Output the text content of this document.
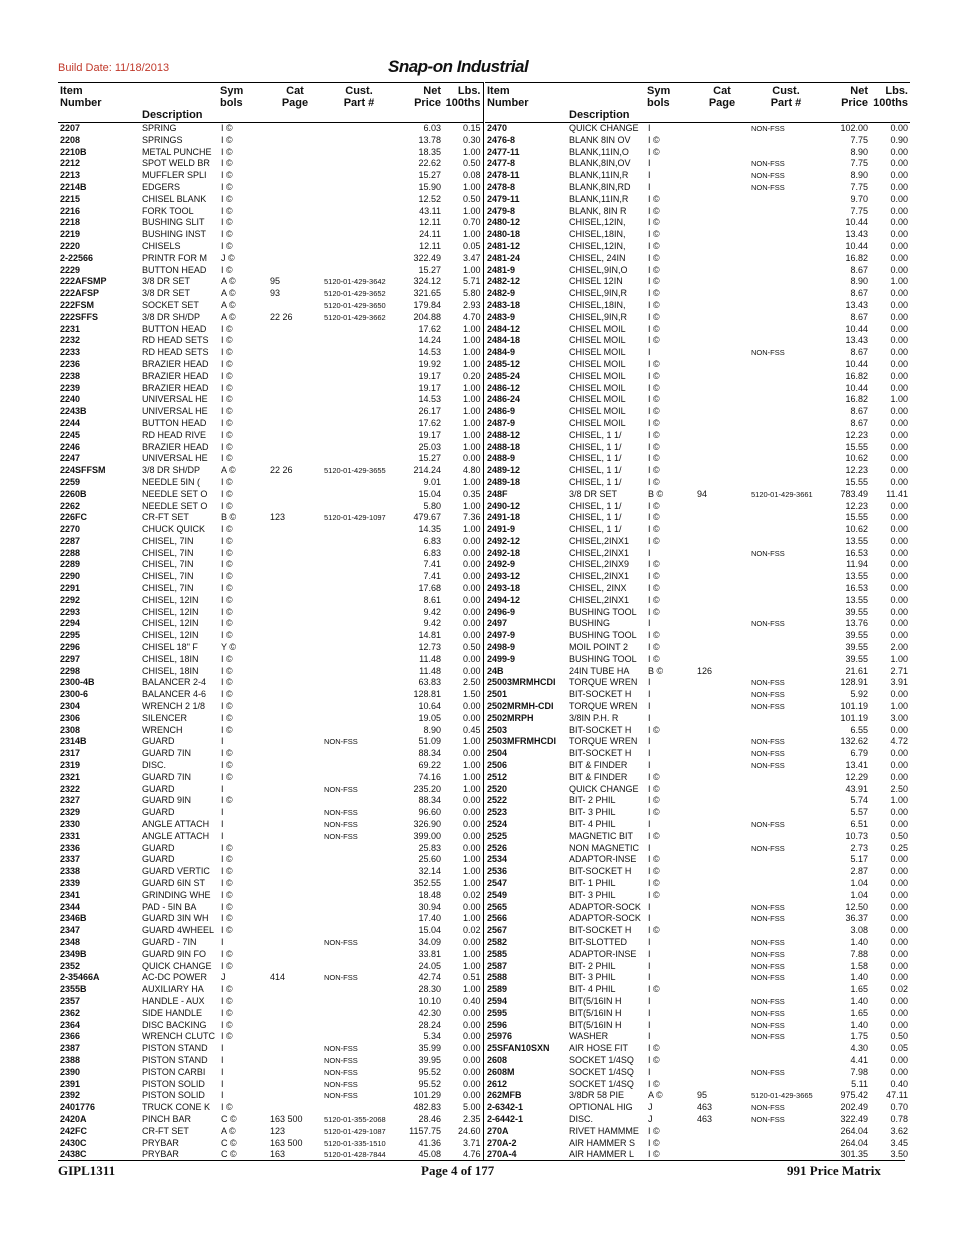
Build Date: 11/18/2013	Snap-on Industrial
Item
Number	Description	Sym
bols	Cat
Page	Cust.
Part #	Net
Price	Lbs.
100ths

2207	SPRING	I ©			6.03	0.15
2208	SPRINGS	I ©			13.78	0.30
2210B	METAL PUNCHE	I ©			18.35	1.00
2212	SPOT WELD BR	I ©			22.62	0.50
2213	MUFFLER SPLI	I ©			15.27	0.08
2214B	EDGERS	I ©			15.90	1.00
2215	CHISEL BLANK	I ©			12.52	0.50
2216	FORK TOOL	I ©			43.11	1.00
2218	BUSHING SLIT	I ©			12.11	0.70
2219	BUSHING INST	I ©			24.11	1.00
2220	CHISELS	I ©			12.11	0.05
2-22566	PRINTR FOR M	J ©			322.49	3.47
2229	BUTTON HEAD	I ©			15.27	1.00
222AFSMP	3/8 DR SET	A ©	95	5120-01-429-3642	324.12	5.71
222AFSP	3/8 DR SET	A ©	93	5120-01-429-3652	321.65	5.80
222FSM	SOCKET SET	A ©		5120-01-429-3650	179.84	2.93
222SFFS	3/8 DR SH/DP	A ©	22 26	5120-01-429-3662	204.88	4.70
2231	BUTTON HEAD	I ©			17.62	1.00
2232	RD HEAD SETS	I ©			14.24	1.00
2233	RD HEAD SETS	I ©			14.53	1.00
2236	BRAZIER HEAD	I ©			19.92	1.00
2238	BRAZIER HEAD	I ©			19.17	0.20
2239	BRAZIER HEAD	I ©			19.17	1.00
2240	UNIVERSAL HE	I ©			14.53	1.00
2243B	UNIVERSAL HE	I ©			26.17	1.00
2244	BUTTON HEAD	I ©			17.62	1.00
2245	RD HEAD RIVE	I ©			19.17	1.00
2246	BRAZIER HEAD	I ©			25.03	1.00
2247	UNIVERSAL HE	I ©			15.27	0.00
224SFFSM	3/8 DR SH/DP	A ©	22 26	5120-01-429-3655	214.24	4.80
2259	NEEDLE 5IN (	I ©			9.01	1.00
2260B	NEEDLE SET O	I ©			15.04	0.35
2262	NEEDLE SET O	I ©			5.80	1.00
226FC	CR-FT SET	B ©	123	5120-01-429-1097	479.67	7.36
2270	CHUCK QUICK	I ©			14.35	1.00
2287	CHISEL, 7IN	I ©			6.83	0.00
2288	CHISEL, 7IN	I ©			6.83	0.00
2289	CHISEL, 7IN	I ©			7.41	0.00
2290	CHISEL, 7IN	I ©			7.41	0.00
2291	CHISEL, 7IN	I ©			17.68	0.00
2292	CHISEL, 12IN	I ©			8.61	0.00
2293	CHISEL, 12IN	I ©			9.42	0.00
2294	CHISEL, 12IN	I ©			9.42	0.00
2295	CHISEL, 12IN	I ©			14.81	0.00
2296	CHISEL 18" F	Y ©			12.73	0.50
2297	CHISEL, 18IN	I ©			11.48	0.00
2298	CHISEL, 18IN	I ©			11.48	0.00
2300-4B	BALANCER 2-4	I ©			63.83	2.50
2300-6	BALANCER 4-6	I ©			128.81	1.50
2304	WRENCH 2 1/8	I ©			10.64	0.00
2306	SILENCER	I ©			19.05	0.00
2308	WRENCH	I ©			8.90	0.45
2314B	GUARD	I		NON-FSS	51.09	1.00
2317	GUARD 7IN	I ©			88.34	0.00
2319	DISC.	I ©			69.22	1.00
2321	GUARD 7IN	I ©			74.16	1.00
2322	GUARD	I		NON-FSS	235.20	1.00
2327	GUARD 9IN	I ©			88.34	0.00
2329	GUARD	I		NON-FSS	96.60	0.00
2330	ANGLE ATTACH	I		NON-FSS	326.90	0.00
2331	ANGLE ATTACH	I		NON-FSS	399.00	0.00
2336	GUARD	I ©			25.83	0.00
2337	GUARD	I ©			25.60	1.00
2338	GUARD VERTIC	I ©			32.14	1.00
2339	GUARD 6IN ST	I ©			352.55	1.00
2341	GRINDING WHE	I ©			18.48	0.02
2344	PAD - 5IN BA	I ©			30.94	0.00
2346B	GUARD 3IN WH	I ©			17.40	1.00
2347	GUARD 4WHEEL	I ©			15.04	0.02
2348	GUARD - 7IN	I		NON-FSS	34.09	0.00
2349B	GUARD 9IN FO	I ©			33.81	1.00
2352	QUICK CHANGE	I ©			24.05	1.00
2-35466A	AC-DC POWER	J	414	NON-FSS	42.74	0.51
2355B	AUXILIARY HA	I ©			28.30	1.00
2357	HANDLE - AUX	I ©			10.10	0.40
2362	SIDE HANDLE	I ©			42.30	0.00
2364	DISC BACKING	I ©			28.24	0.00
2366	WRENCH CLUTC	I ©			5.34	0.00
2387	PISTON STAND	I		NON-FSS	35.99	0.00
2388	PISTON STAND	I		NON-FSS	39.95	0.00
2390	PISTON CARBI	I		NON-FSS	95.52	0.00
2391	PISTON SOLID	I		NON-FSS	95.52	0.00
2392	PISTON SOLID	I		NON-FSS	101.29	0.00
2401776	TRUCK CONE K	I ©			482.83	5.00
2420A	PINCH BAR	C ©	163 500	5120-01-355-2068	28.46	2.35
242FC	CR-FT SET	A ©	123	5120-01-429-1087	1157.75	24.60
2430C	PRYBAR	C ©	163 500	5120-01-335-1510	41.36	3.71
2438C	PRYBAR	C ©	163	5120-01-428-7844	45.08	4.76
Item
Number	Description	Sym
bols	Cat
Page	Cust.
Part #	Net
Price	Lbs.
100ths

2470	QUICK CHANGE	I		NON-FSS	102.00	0.00
2476-8	BLANK 8IN OV	I ©			7.75	0.90
2477-11	BLANK,11IN,O	I ©			8.90	0.00
2477-8	BLANK,8IN,OV	I		NON-FSS	7.75	0.00
2478-11	BLANK,11IN,R	I		NON-FSS	8.90	0.00
2478-8	BLANK,8IN,RD	I		NON-FSS	7.75	0.00
2479-11	BLANK,11IN,R	I ©			9.70	0.00
2479-8	BLANK, 8IN R	I ©			7.75	0.00
2480-12	CHISEL,12IN,	I ©			10.44	0.00
2480-18	CHISEL,18IN,	I ©			13.43	0.00
2481-12	CHISEL,12IN,	I ©			10.44	0.00
2481-24	CHISEL, 24IN	I ©			16.82	0.00
2481-9	CHISEL,9IN,O	I ©			8.67	0.00
2482-12	CHISEL 12IN	I ©			8.90	1.00
2482-9	CHISEL,9IN,R	I ©			8.67	0.00
2483-18	CHISEL,18IN,	I ©			13.43	0.00
2483-9	CHISEL,9IN,R	I ©			8.67	0.00
2484-12	CHISEL MOIL	I ©			10.44	0.00
2484-18	CHISEL MOIL	I ©			13.43	0.00
2484-9	CHISEL MOIL	I		NON-FSS	8.67	0.00
2485-12	CHISEL MOIL	I ©			10.44	0.00
2485-24	CHISEL MOIL	I ©			16.82	0.00
2486-12	CHISEL MOIL	I ©			10.44	0.00
2486-24	CHISEL MOIL	I ©			16.82	1.00
2486-9	CHISEL MOIL	I ©			8.67	0.00
2487-9	CHISEL MOIL	I ©			8.67	0.00
2488-12	CHISEL, 1 1/	I ©			12.23	0.00
2488-18	CHISEL, 1 1/	I ©			15.55	0.00
2488-9	CHISEL, 1 1/	I ©			10.62	0.00
2489-12	CHISEL, 1 1/	I ©			12.23	0.00
2489-18	CHISEL, 1 1/	I ©			15.55	0.00
248F	3/8 DR SET	B ©	94	5120-01-429-3661	783.49	11.41
2490-12	CHISEL, 1 1/	I ©			12.23	0.00
2491-18	CHISEL, 1 1/	I ©			15.55	0.00
2491-9	CHISEL, 1 1/	I ©			10.62	0.00
2492-12	CHISEL,2INX1	I ©			13.55	0.00
2492-18	CHISEL,2INX1	I		NON-FSS	16.53	0.00
2492-9	CHISEL,2INX9	I ©			11.94	0.00
2493-12	CHISEL,2INX1	I ©			13.55	0.00
2493-18	CHISEL, 2INX	I ©			16.53	0.00
2494-12	CHISEL,2INX1	I ©			13.55	0.00
2496-9	BUSHING TOOL	I ©			39.55	0.00
2497	BUSHING	I		NON-FSS	13.76	0.00
2497-9	BUSHING TOOL	I ©			39.55	0.00
2498-9	MOIL POINT 2	I ©			39.55	2.00
2499-9	BUSHING TOOL	I ©			39.55	1.00
24B	24IN TUBE HA	B ©	126		21.61	2.71
25003MRMHCDI	TORQUE WREN	I		NON-FSS	128.91	3.91
2501	BIT-SOCKET H	I		NON-FSS	5.92	0.00
2502MRMH-CDI	TORQUE WREN	I		NON-FSS	101.19	1.00
2502MRPH	3/8IN P.H. R	I			101.19	3.00
2503	BIT-SOCKET H	I ©			6.55	0.00
2503MFRMHCDI	TORQUE WREN	I		NON-FSS	132.62	4.72
2504	BIT-SOCKET H	I		NON-FSS	6.79	0.00
2506	BIT & FINDER	I		NON-FSS	13.41	0.00
2512	BIT & FINDER	I ©			12.29	0.00
2520	QUICK CHANGE	I ©			43.91	2.50
2522	BIT- 2 PHIL	I ©			5.74	1.00
2523	BIT- 3 PHIL	I ©			5.57	0.00
2524	BIT- 4 PHIL	I		NON-FSS	6.51	0.00
2525	MAGNETIC BIT	I ©			10.73	0.50
2526	NON MAGNETIC	I		NON-FSS	2.73	0.25
2534	ADAPTOR-INSE	I ©			5.17	0.00
2536	BIT-SOCKET H	I ©			2.87	0.00
2547	BIT- 1 PHIL	I ©			1.04	0.00
2549	BIT- 3 PHIL	I ©			1.04	0.00
2565	ADAPTOR-SOCK	I		NON-FSS	12.50	0.00
2566	ADAPTOR-SOCK	I		NON-FSS	36.37	0.00
2567	BIT-SOCKET H	I ©			3.08	0.00
2582	BIT-SLOTTED	I		NON-FSS	1.40	0.00
2585	ADAPTOR-INSE	I		NON-FSS	7.88	0.00
2587	BIT- 2 PHIL	I		NON-FSS	1.58	0.00
2588	BIT- 3 PHIL	I		NON-FSS	1.40	0.00
2589	BIT- 4 PHIL	I ©			1.65	0.02
2594	BIT(5/16IN H	I		NON-FSS	1.40	0.00
2595	BIT(5/16IN H	I		NON-FSS	1.65	0.00
2596	BIT(5/16IN H	I		NON-FSS	1.40	0.00
25976	WASHER	I		NON-FSS	1.75	0.50
25SFAN10SXN	AIR HOSE FIT	I ©			4.30	0.05
2608	SOCKET 1/4SQ	I ©			4.41	0.00
2608M	SOCKET 1/4SQ	I		NON-FSS	7.98	0.00
2612	SOCKET 1/4SQ	I ©			5.11	0.40
262MFB	3/8DR 58 PIE	A ©	95	5120-01-429-3665	975.42	47.11
2-6342-1	OPTIONAL HIG	J	463	NON-FSS	202.49	0.70
2-6442-1	DISC.	J	463	NON-FSS	322.49	0.78
270A	RIVET HAMMME	I ©			264.04	3.62
270A-2	AIR HAMMER S	I ©			264.04	3.45
270A-4	AIR HAMMER L	I ©			301.35	3.50
GIPL1311	Page 4 of 177	991 Price Matrix
